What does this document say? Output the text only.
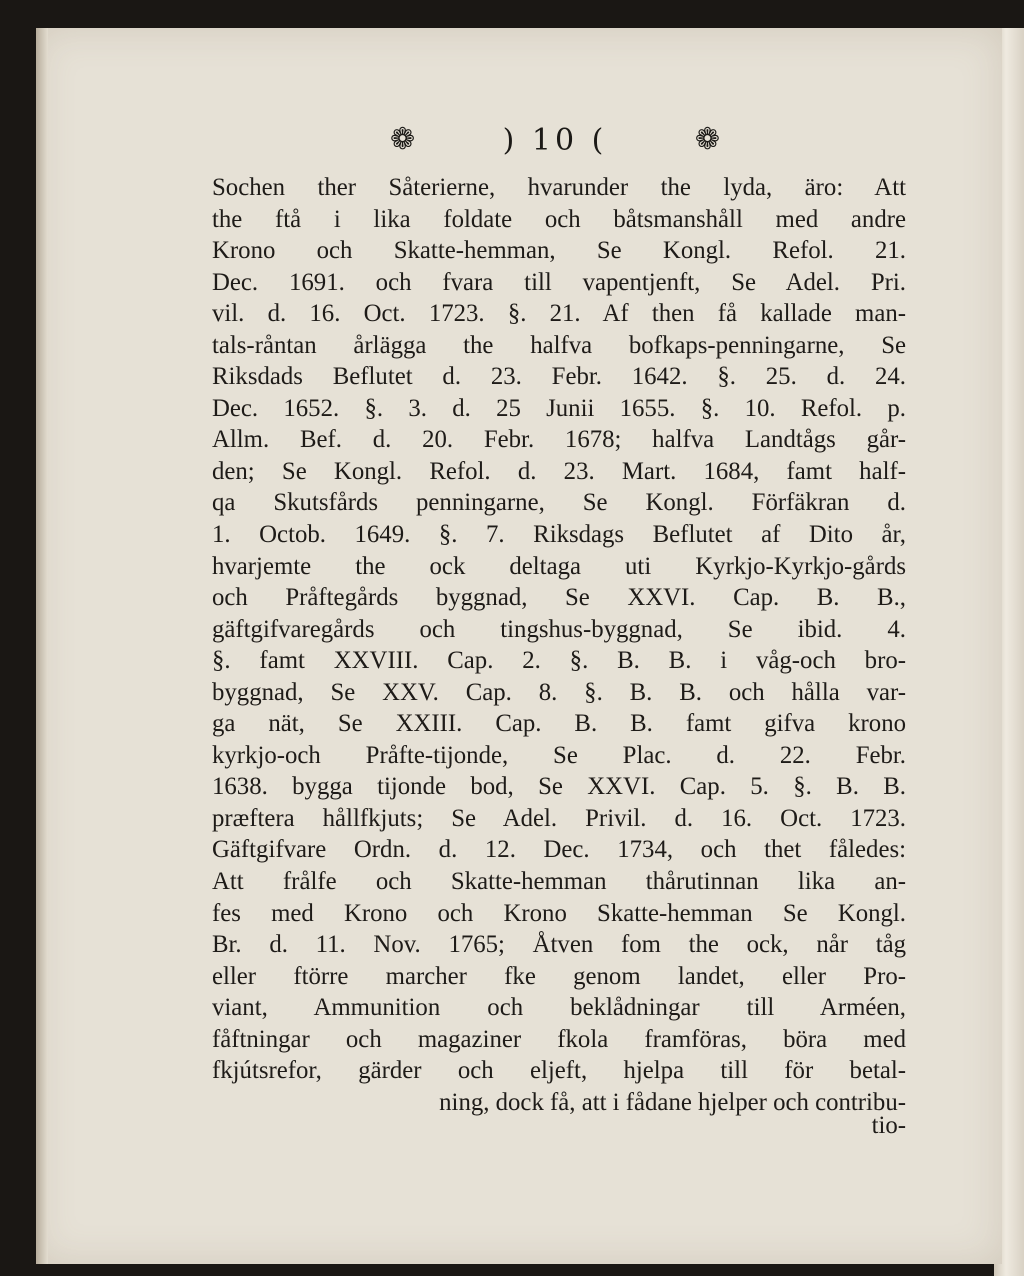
❁	) 10 (	❁
Sochen ther Såterierne, hvarunder the lyda, äro: Att
the ftå i lika foldate och båtsmanshåll med andre
Krono och Skatte-hemman, Se Kongl. Refol. 21.
Dec. 1691. och fvara till vapentjenft, Se Adel. Pri.
vil. d. 16. Oct. 1723. §. 21. Af then få kallade man-
tals-råntan årlägga the halfva bofkaps-penningarne, Se
Riksdads Beflutet d. 23. Febr. 1642. §. 25. d. 24.
Dec. 1652. §. 3. d. 25 Junii 1655. §. 10. Refol. p.
Allm. Bef. d. 20. Febr. 1678; halfva Landtågs går-
den; Se Kongl. Refol. d. 23. Mart. 1684, famt half-
qa Skutsfårds penningarne, Se Kongl. Förfäkran d.
1. Octob. 1649. §. 7. Riksdags Beflutet af Dito år,
hvarjemte the ock deltaga uti Kyrkjo-Kyrkjo-gårds
och Pråftegårds byggnad, Se XXVI. Cap. B. B.,
gäftgifvaregårds och tingshus-byggnad, Se ibid. 4.
§. famt XXVIII. Cap. 2. §. B. B. i våg-och bro-
byggnad, Se XXV. Cap. 8. §. B. B. och hålla var-
ga nät, Se XXIII. Cap. B. B. famt gifva krono
kyrkjo-och Pråfte-tijonde, Se Plac. d. 22. Febr.
1638. bygga tijonde bod, Se XXVI. Cap. 5. §. B. B.
præftera hållfkjuts; Se Adel. Privil. d. 16. Oct. 1723.
Gäftgifvare Ordn. d. 12. Dec. 1734, och thet fåledes:
Att frålfe och Skatte-hemman thårutinnan lika an-
fes med Krono och Krono Skatte-hemman Se Kongl.
Br. d. 11. Nov. 1765; Åtven fom the ock, når tåg
eller ftörre marcher fke genom landet, eller Pro-
viant, Ammunition och beklådningar till Arméen,
fåftningar och magaziner fkola framföras, böra med
fkjútsrefor, gärder och eljeft, hjelpa till för betal-
ning, dock få, att i fådane hjelper och contribu-
tio-
